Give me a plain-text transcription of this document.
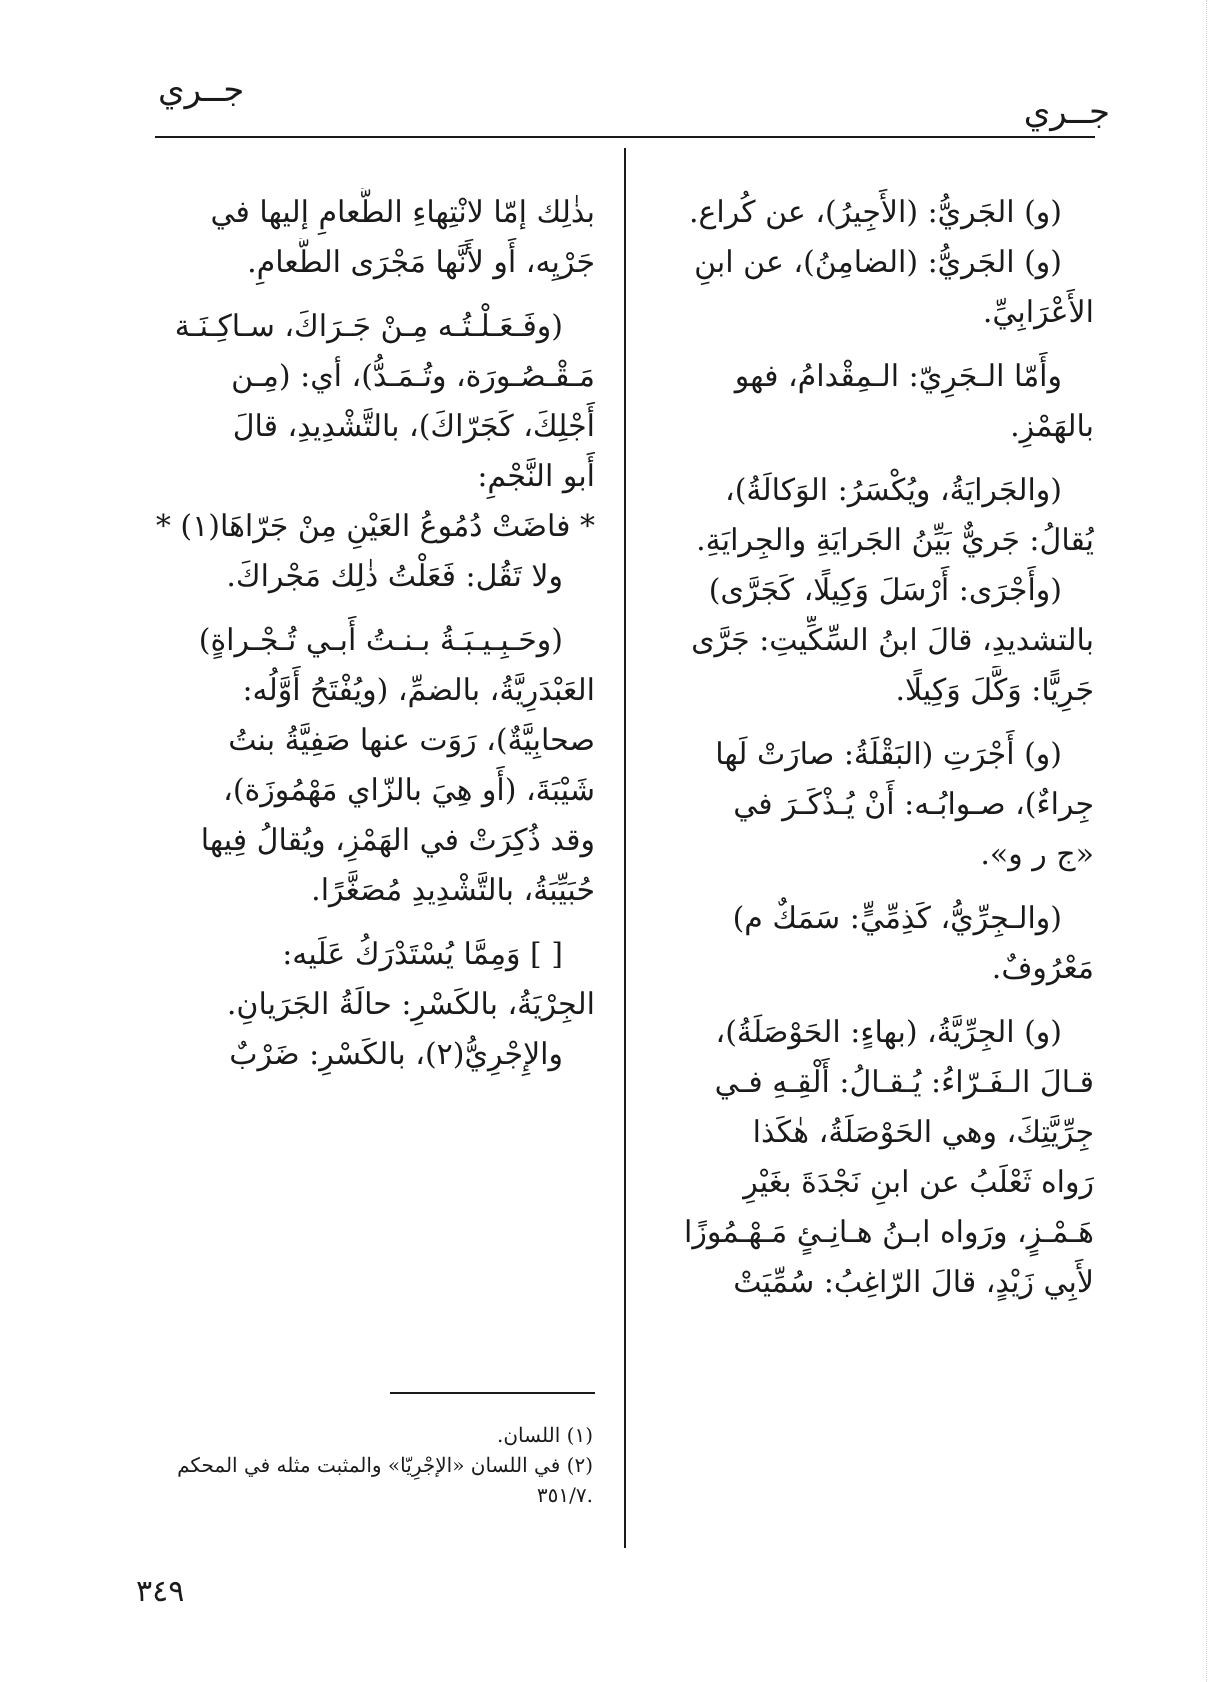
جــري
جــري
(و) الجَريُّ: (الأَجِيرُ)، عن كُراع.
(و) الجَريُّ: (الضامِنُ)، عن ابنِ
الأَعْرَابِيِّ.
وأَمّا الـجَرِيّ: الـمِقْدامُ، فهو
بالهَمْزِ.
(والجَرايَةُ، ويُكْسَرُ: الوَكالَةُ)،
يُقالُ: جَريٌّ بَيِّنُ الجَرايَةِ والجِرايَةِ.
(وأَجْرَى: أَرْسَلَ وَكِيلًا، كَجَرَّى)
بالتشديدِ، قالَ ابنُ السِّكِّيتِ: جَرَّى
جَرِيًّا: وَكَّلَ وَكِيلًا.
(و) أَجْرَتِ (البَقْلَةُ: صارَتْ لَها
جِراءٌ)، صـوابُـه: أَنْ يُـذْكَـرَ في
«ج ر و».
(والـجِرِّيُّ، كَذِمِّيٍّ: سَمَكٌ م)
مَعْرُوفٌ.
(و) الجِرِّيَّةُ، (بهاءٍ: الحَوْصَلَةُ)،
قـالَ الـفَـرّاءُ: يُـقـالُ: أَلْقِـهِ فـي
جِرِّيَّتِكَ، وهي الحَوْصَلَةُ، هٰكَذا
رَواه ثَعْلَبُ عن ابنِ نَجْدَةَ بغَيْرِ
هَـمْـزٍ، ورَواه ابـنُ هـانِـئٍ مَـهْـمُوزًا
لأَبِي زَيْدٍ، قالَ الرّاغِبُ: سُمِّيَتْ
بذٰلِك إمّا لانْتِهاءِ الطَّعامِ إليها في
جَرْيِه، أَو لأَنَّها مَجْرَى الطَّعامِ.
(وفَـعَـلْـتُـه مِـنْ جَـرَاكَ، سـاكِـنَـة
مَـقْـصُـورَة، وتُـمَـدُّ)، أي: (مِـن
أَجْلِكَ، كَجَرّاكَ)، بالتَّشْدِيدِ، قالَ
أَبو النَّجْمِ:
* فاضَتْ دُمُوعُ العَيْنِ مِنْ جَرّاهَا(١) *
ولا تَقُل: فَعَلْتُ ذٰلِك مَجْراكَ.
(وحَـبِـيـبَـةُ بـنـتُ أَبـي تُـجْـراةٍ)
العَبْدَرِيَّةُ، بالضمِّ، (ويُفْتَحُ أَوَّلُه:
صحابِيَّةٌ)، رَوَت عنها صَفِيَّةُ بنتُ
شَيْبَةَ، (أَو هِيَ بالزّاي مَهْمُوزَة)،
وقد ذُكِرَتْ في الهَمْزِ، ويُقالُ فِيها
حُبَيِّبَةُ، بالتَّشْدِيدِ مُصَغَّرًا.
[ ] وَمِمَّا يُسْتَدْرَكُ عَلَيه:
الجِرْيَةُ، بالكَسْرِ: حالَةُ الجَرَيانِ.
والإِجْرِيُّ(٢)، بالكَسْرِ: ضَرْبٌ
(١) اللسان.
(٢) في اللسان «الإجْرِيّا» والمثبت مثله في المحكم
.٣٥١/٧
٣٤٩
